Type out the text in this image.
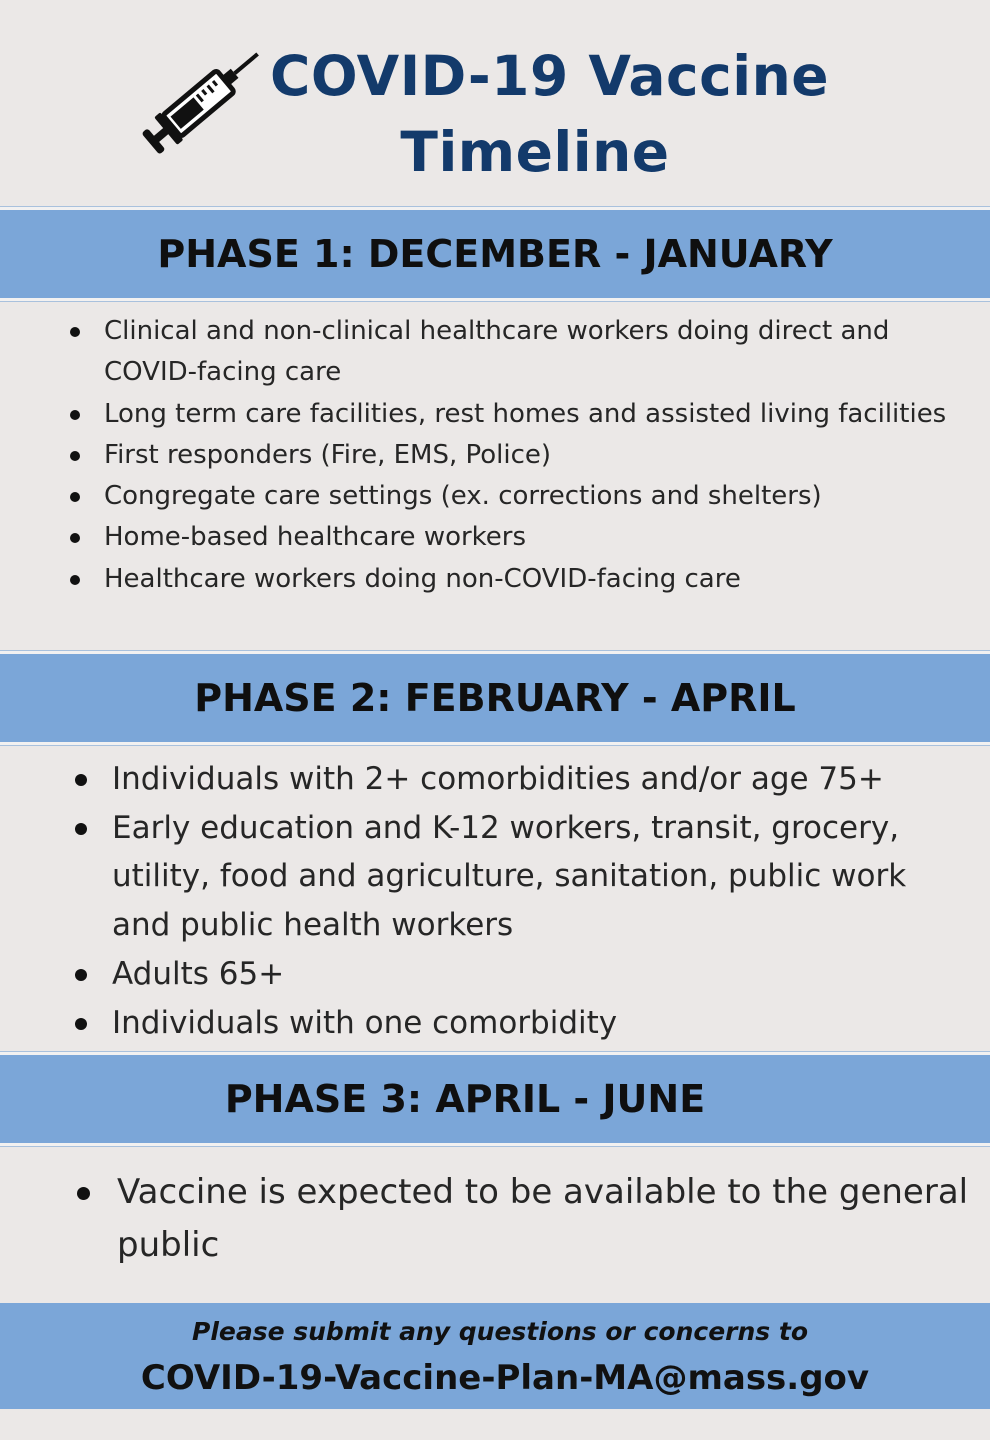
COVID-19 Vaccine
Timeline
PHASE 1: DECEMBER - JANUARY
Clinical and non-clinical healthcare workers doing direct and COVID-facing care
Long term care facilities, rest homes and assisted living facilities
First responders (Fire, EMS, Police)
Congregate care settings (ex. corrections and shelters)
Home-based healthcare workers
Healthcare workers doing non-COVID-facing care
PHASE 2: FEBRUARY - APRIL
Individuals with 2+ comorbidities and/or age 75+
Early education and K-12 workers, transit, grocery, utility, food and agriculture, sanitation, public work and public health workers
Adults 65+
Individuals with one comorbidity
PHASE 3: APRIL - JUNE
Vaccine is expected to be available to the general public
Please submit any questions or concerns to
COVID-19-Vaccine-Plan-MA@mass.gov
